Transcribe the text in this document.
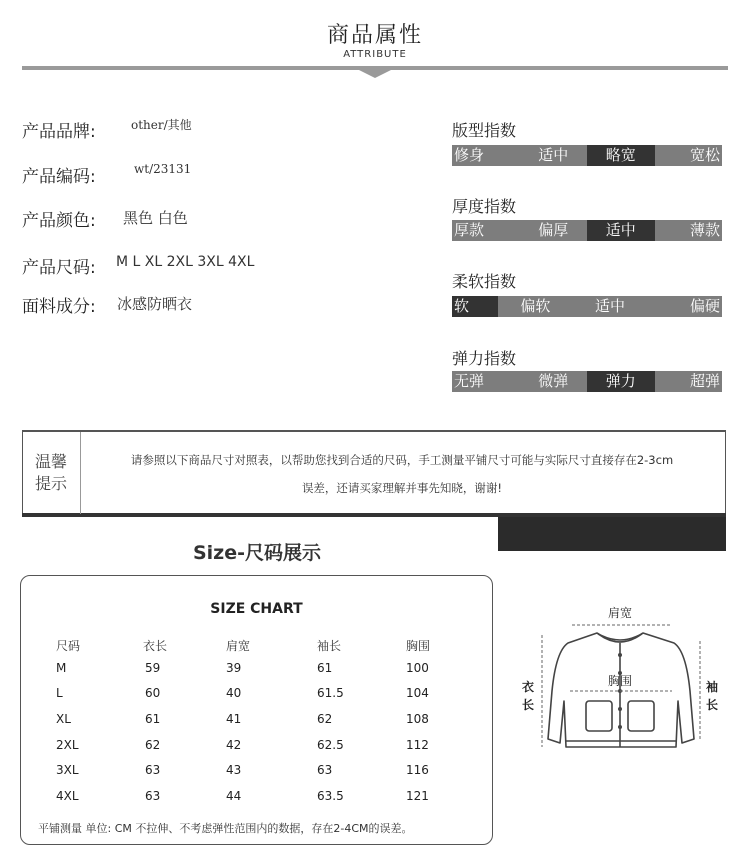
商品属性
ATTRIBUTE
产品品牌:	other/其他
产品编码:	wt/23131
产品颜色: 黑色 白色
产品尺码: M L XL 2XL 3XL 4XL
面料成分: 冰感防晒衣
版型指数
修身	适中	略宽	宽松
厚度指数
厚款	偏厚	适中	薄款
柔软指数
软	偏软	适中	偏硬
弹力指数
无弹	微弹	弹力	超弹
温馨
提示
请参照以下商品尺寸对照表，以帮助您找到合适的尺码，手工测量平铺尺寸可能与实际尺寸直接存在2-3cm
误差，还请买家理解并事先知晓，谢谢!
Size-尺码展示
SIZE CHART
尺码	衣长	肩宽	袖长	胸围
M	59	39	61	100
L	60	40	61.5	104
XL	61	41	62	108
2XL	62	42	62.5	112
3XL	63	43	63	116
4XL	63	44	63.5	121
平铺测量 单位: CM 不拉伸、不考虑弹性范围内的数据，存在2-4CM的误差。
肩宽
胸围
衣
长
袖
长
